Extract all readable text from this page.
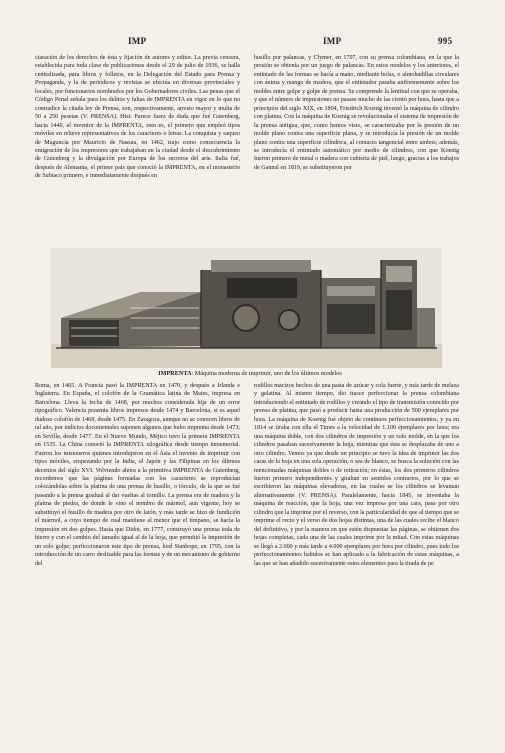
IMP	IMP	995

ciaración de los derechos de ésta y fijación de autores y editor. La previa censura, establecida para toda clase de publicaciones desde el 29 de julio de 1936, se halla centralizada, para libros y folletos, en la Delegación del Estado para Prensa y Propaganda, y la de periódicos y revistas se efectúa en diversas provinciales y locales, por funcionarios nombrados por los Gobernadores civiles. Las penas que el Código Penal señala para los delitos y faltas de IMPRENTA en vigor en lo que no contradice la citada ley de Prensa, son, respectivamente, arresto mayor y multa de 50 a 250 pesetas (V. PRENSA). Hist. Parece fuera de duda que fué Gutenberg, hacia 1440, el inventor de la IMPRENTA, esto es, el primero que empleó tipos móviles en relieve representativos de los caracteres o letras. La conquista y saqueo de Maguncia por Mauricio de Nassau, en 1462, trajo como consecuencia la emigración de los impresores que trabajaban en la ciudad desde el descubrimiento de Gutenberg y la divulgación por Europa de los secretos del arte. Italia fué, después de Alemania, el primer país que conoció la IMPRENTA, en el monasterio de Subiaco primero, e inmediatamente después en

husillo por palancas, y Clymer, en 1797, con su prensa colombiana, en la que la presión se obtenía por un juego de palancas. En estos modelos y los anteriores, el entintado de las formas se hacía a mano, mediante bolas, o almohadillas circulares con ánima y mango de madera, que el entintador pasaba uniformemente sobre los moldes entre golpe y golpe de prensa. Se comprende la lentitud con que se operaba, y que el número de impresiones no pasase mucho de las ciento por hora, hasta que a principios del siglo XIX, en 1804, Friedrich Koenig inventó la máquina de cilindro con platina. Con la máquina de Koenig se revolucionaba el sistema de impresión de la prensa antigua, que, como hemos visto, se caracterizaba por la presión de un molde plano contra una superficie plana, y se introducía la presión de un molde plano contra una superficie cilíndrica, al contacto tangencial entre ambos; además, se introducía el entintado automático por medio de cilindros, con que Koenig fueron primero de metal o madera con cubierta de piel, luego, gracias a los trabajos de Gannal en 1819, se substituyeron por

IMPRENTA: Máquina moderna de imprimir, uno de los últimos modelos

Roma, en 1465. A Francia pasó la IMPRENTA en 1470, y después a Irlanda e Inglaterra. En España, el colofón de la Gramática latina de Mates, impresa en Barcelona. Lleva la fecha de 1468, por muchos considerada hija de un error tipográfico. Valencia presenta libros impresos desde 1474 y Barcelona, si es aquel dudoso colofón de 1468, desde 1475. En Zaragoza, aunque no se conocen libros de tal año, por indicios documentales suponen algunos que hubo imprenta desde 1473; en Sevilla, desde 1477. En el Nuevo Mundo, Méjico tuvo la primera IMPRENTA en 1535. La China conoció la IMPRENTA xilográfica desde tiempo inmemorial. Fueron los misioneros quienes introdujeron en el Asia el invento de imprimir con tipos móviles, empezando por la India, el Japón y las Filipinas en los últimos decenios del siglo XVI. Volviendo ahora a la primitiva IMPRENTA de Gutenberg, recordemos que las páginas formadas con los caracteres se reproducían colocándolas sobre la platina de una prensa de husillo, o tórculo, de la que se fué pasando a la prensa gradual al dar vueltas al tornillo. La prensa era de madera y la platina de piedra, de donde le vino el nombre de mármol, aun vigente; hoy se substituyó el husillo de madera por otro de latón, y más tarde se hizo de fundición el mármol, a cuyo tiempo de cual mantiene al menor que el tímpano, se hacía la impresión en dos golpes. Hasta que Didot, en 1777, construyó una prensa toda de hierro y con el cambio del tamaño igual al de la hoja, que permitió la impresión de un solo golpe; perfeccionaron este tipo de prensa, lord Stanhope, en 1795, con la introducción de un carro deslizable para las formas y de un mecanismo de gobierno del

rodillos macizos hechos de una pasta de azúcar y cola fuerte, y más tarde de melaza y gelatina. Al mismo tiempo, dio trasce perfeccionar la prensa colombiana introduciendo el entintado de rodillos y creando el tipo de transmisión conocido por prensa de platina, que pasó a producir hasta una producción de 500 ejemplares por hora. La máquina de Koenig fué objeto de continuos perfeccionamientos, y ya en 1814 se tiraba con ella el Times a la velocidad de 1.100 ejemplares por hora; era una máquina doble, con dos cilindros de impresión y un solo molde, en la que los cilindros pasaban sucesivamente la hoja, mientras que ésta se desplazaba de uno a otro cilindro. Vemos ya que desde un principio se tuvo la idea de imprimir las dos caras de la hoja en una sola operación, o sea de blanco, se busca la solución con las mencionadas máquinas dobles o de retiración; en éstas, los dos primeros cilindros fueron primero independientes y giraban en sentidos contrarios, por lo que se escribieron las máquinas elevadoras, en las cuales se los cilindros se levantan alternativamente (V. PRENSA). Paralelamente, hacia 1845, se inventaba la máquina de reacción, que la hoja, una vez impresa por una cara, pasa por otro cilindro que la imprime por el reverso, con la particularidad de que al tiempo que se imprime el recto y el verso de dos hojas distintas, una de las cuales recibe el blanco del definitivo, y por la manera en que estén dispuestas las páginas, se obtienen dos hojas completas, cada una de las cuales imprime por la mitad. Con estas máquinas se llegó a 2.000 y más tarde a 4.000 ejemplares por hora por cilindro, pues todo los perfeccionamientos habidos se han aplicado a la fabricación de estas máquinas, a las que se han añadido sucesivamente estos elementos para la tirada de pe
